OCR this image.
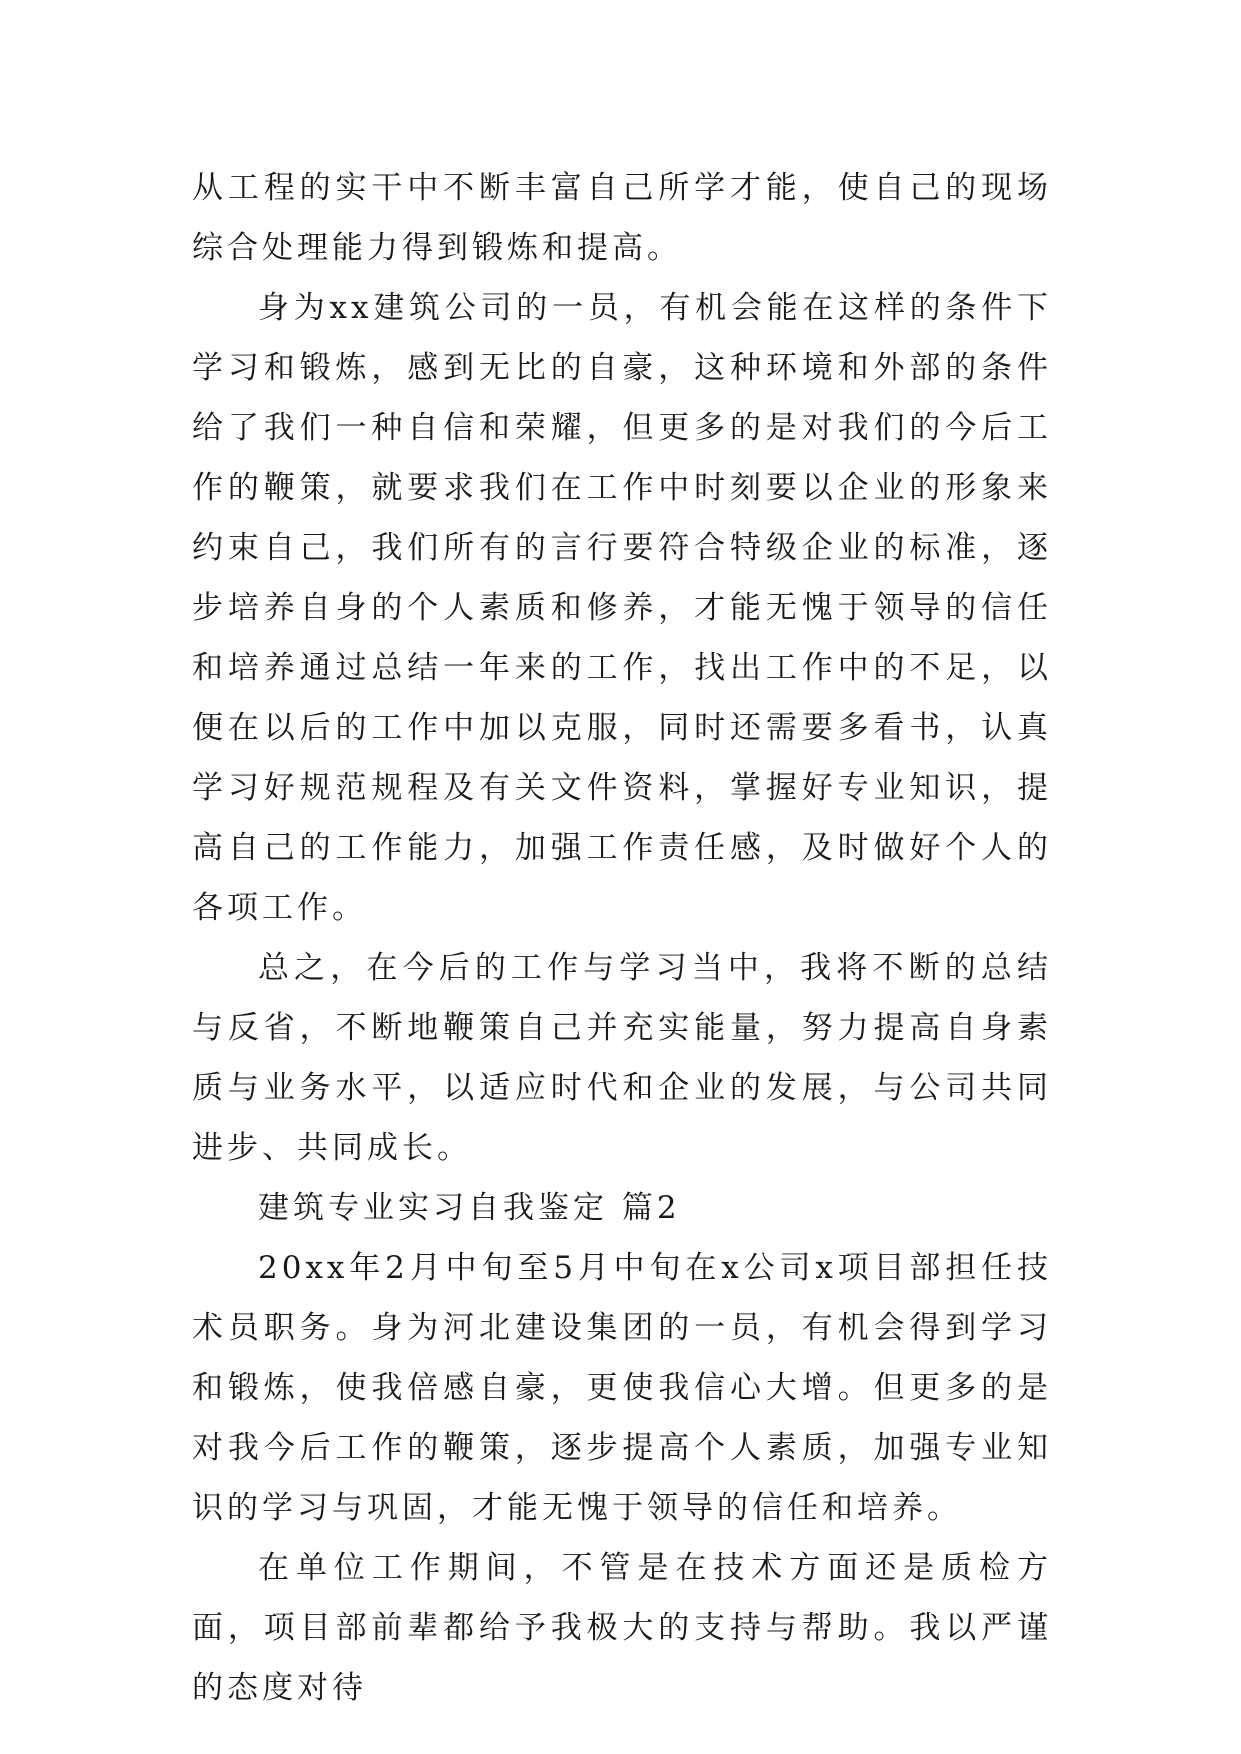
从工程的实干中不断丰富自己所学才能，使自己的现场综合处理能力得到锻炼和提高。

身为xx建筑公司的一员，有机会能在这样的条件下学习和锻炼，感到无比的自豪，这种环境和外部的条件给了我们一种自信和荣耀，但更多的是对我们的今后工作的鞭策，就要求我们在工作中时刻要以企业的形象来约束自己，我们所有的言行要符合特级企业的标准，逐步培养自身的个人素质和修养，才能无愧于领导的信任和培养通过总结一年来的工作，找出工作中的不足，以便在以后的工作中加以克服，同时还需要多看书，认真学习好规范规程及有关文件资料，掌握好专业知识，提高自己的工作能力，加强工作责任感，及时做好个人的各项工作。

总之，在今后的工作与学习当中，我将不断的总结与反省，不断地鞭策自己并充实能量，努力提高自身素质与业务水平，以适应时代和企业的发展，与公司共同进步、共同成长。

建筑专业实习自我鉴定 篇2

20xx年2月中旬至5月中旬在x公司x项目部担任技术员职务。身为河北建设集团的一员，有机会得到学习和锻炼，使我倍感自豪，更使我信心大增。但更多的是对我今后工作的鞭策，逐步提高个人素质，加强专业知识的学习与巩固，才能无愧于领导的信任和培养。

在单位工作期间，不管是在技术方面还是质检方面，项目部前辈都给予我极大的支持与帮助。我以严谨的态度对待
